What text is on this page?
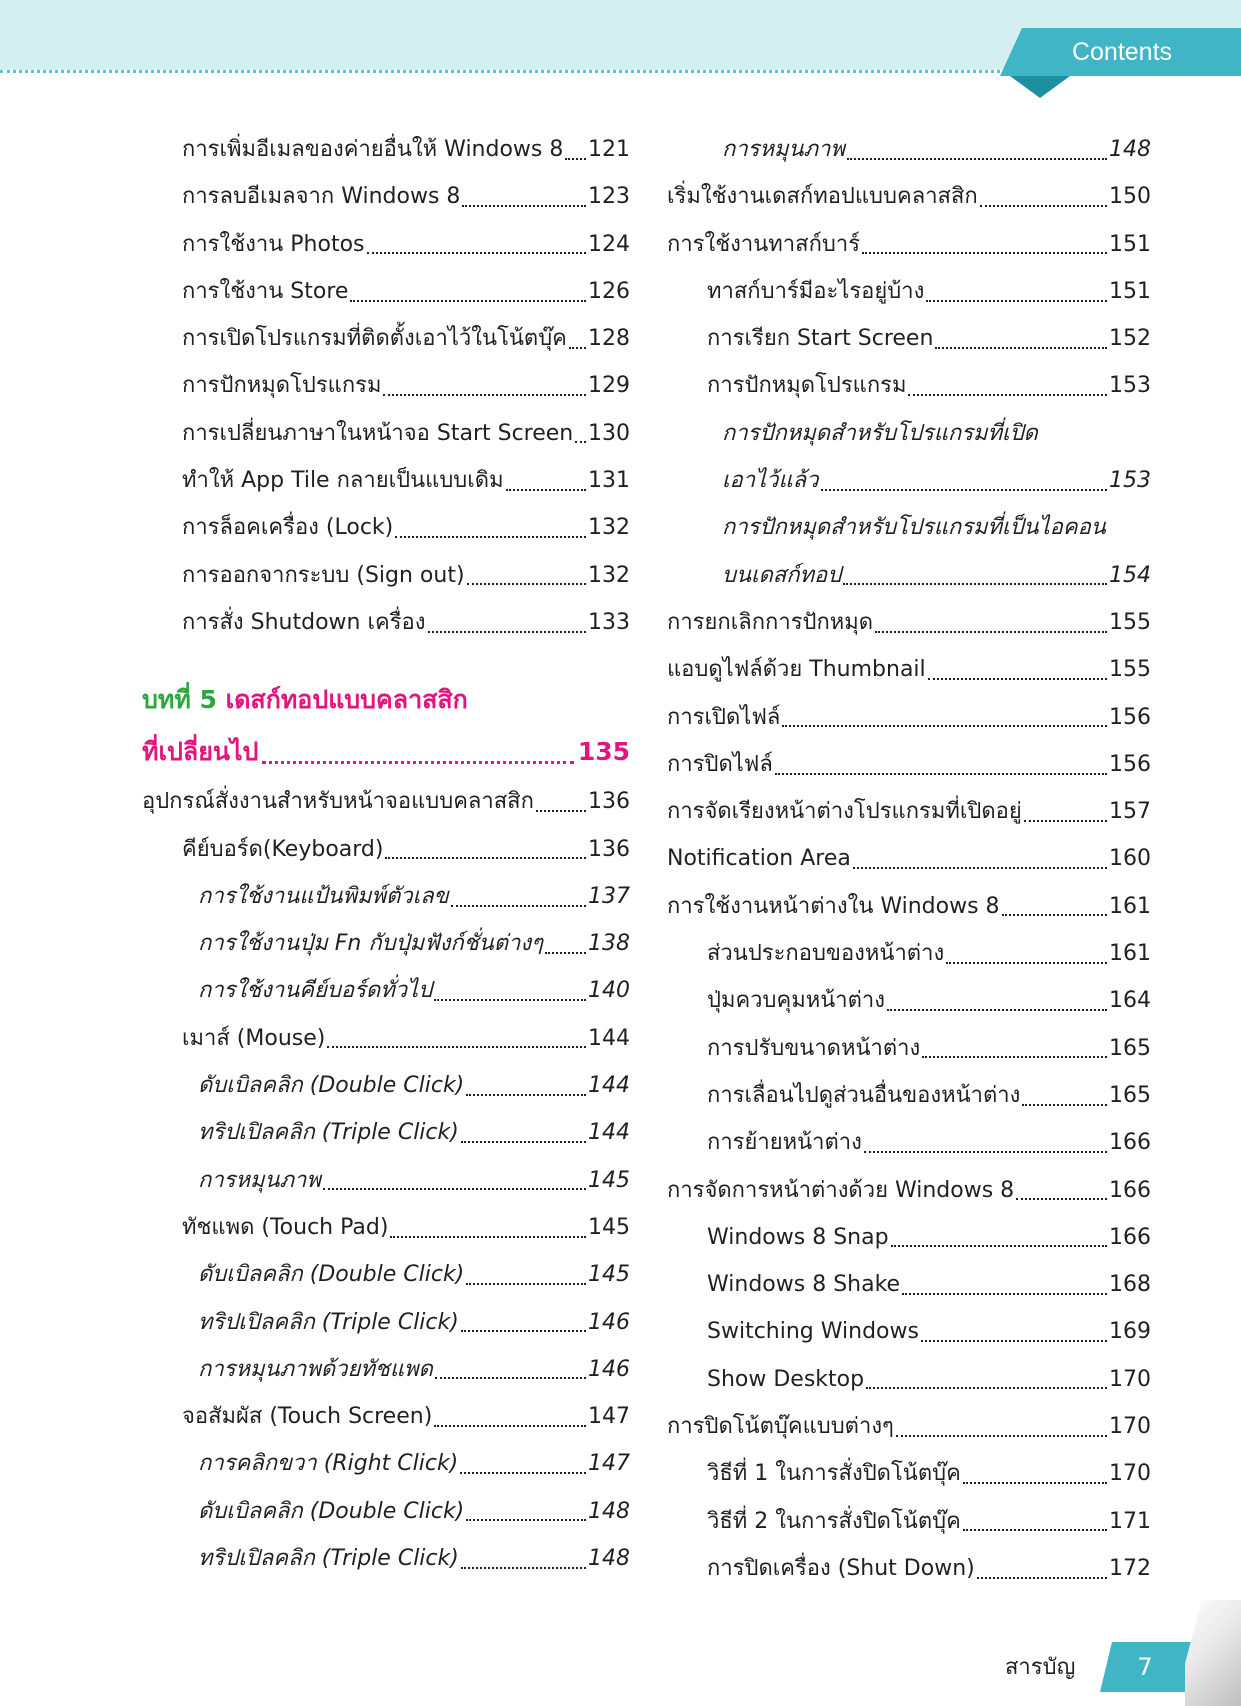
Contents
การเพิ่มอีเมลของค่ายอื่นให้ Windows 8 121
การลบอีเมลจาก Windows 8	123
การใช้งาน Photos	124
การใช้งาน Store	126
การเปิดโปรแกรมที่ติดตั้งเอาไว้ในโน้ตบุ๊ค 128
การปักหมุดโปรแกรม	129
การเปลี่ยนภาษาในหน้าจอ Start Screen 130
ทำให้ App Tile กลายเป็นแบบเดิม	131
การล็อคเครื่อง (Lock)	132
การออกจากระบบ (Sign out)	132
การสั่ง Shutdown เครื่อง	133
บทที่ 5 เดสก์ทอปแบบคลาสสิก
ที่เปลี่ยนไป	135
อุปกรณ์สั่งงานสำหรับหน้าจอแบบคลาสสิก 136
คีย์บอร์ด(Keyboard)	136
การใช้งานแป้นพิมพ์ตัวเลข	137
การใช้งานปุ่ม Fn กับปุ่มฟังก์ชั่นต่างๆ 138
การใช้งานคีย์บอร์ดทั่วไป	140
เมาส์ (Mouse)	144
ดับเบิลคลิก (Double Click)	144
ทริปเปิลคลิก (Triple Click)	144
การหมุนภาพ	145
ทัชแพด (Touch Pad)	145
ดับเบิลคลิก (Double Click)	145
ทริปเปิลคลิก (Triple Click)	146
การหมุนภาพด้วยทัชแพด	146
จอสัมผัส (Touch Screen)	147
การคลิกขวา (Right Click)	147
ดับเบิลคลิก (Double Click)	148
ทริปเปิลคลิก (Triple Click)	148
การหมุนภาพ	148
เริ่มใช้งานเดสก์ทอปแบบคลาสสิก	150
การใช้งานทาสก์บาร์	151
ทาสก์บาร์มีอะไรอยู่บ้าง	151
การเรียก Start Screen	152
การปักหมุดโปรแกรม	153
การปักหมุดสำหรับโปรแกรมที่เปิด
เอาไว้แล้ว	153
การปักหมุดสำหรับโปรแกรมที่เป็นไอคอน
บนเดสก์ทอป	154
การยกเลิกการปักหมุด	155
แอบดูไฟล์ด้วย Thumbnail	155
การเปิดไฟล์	156
การปิดไฟล์	156
การจัดเรียงหน้าต่างโปรแกรมที่เปิดอยู่	157
Notification Area	160
การใช้งานหน้าต่างใน Windows 8	161
ส่วนประกอบของหน้าต่าง	161
ปุ่มควบคุมหน้าต่าง	164
การปรับขนาดหน้าต่าง	165
การเลื่อนไปดูส่วนอื่นของหน้าต่าง	165
การย้ายหน้าต่าง	166
การจัดการหน้าต่างด้วย Windows 8	166
Windows 8 Snap	166
Windows 8 Shake	168
Switching Windows	169
Show Desktop	170
การปิดโน้ตบุ๊คแบบต่างๆ	170
วิธีที่ 1 ในการสั่งปิดโน้ตบุ๊ค	170
วิธีที่ 2 ในการสั่งปิดโน้ตบุ๊ค	171
การปิดเครื่อง (Shut Down)	172
สารบัญ	7
